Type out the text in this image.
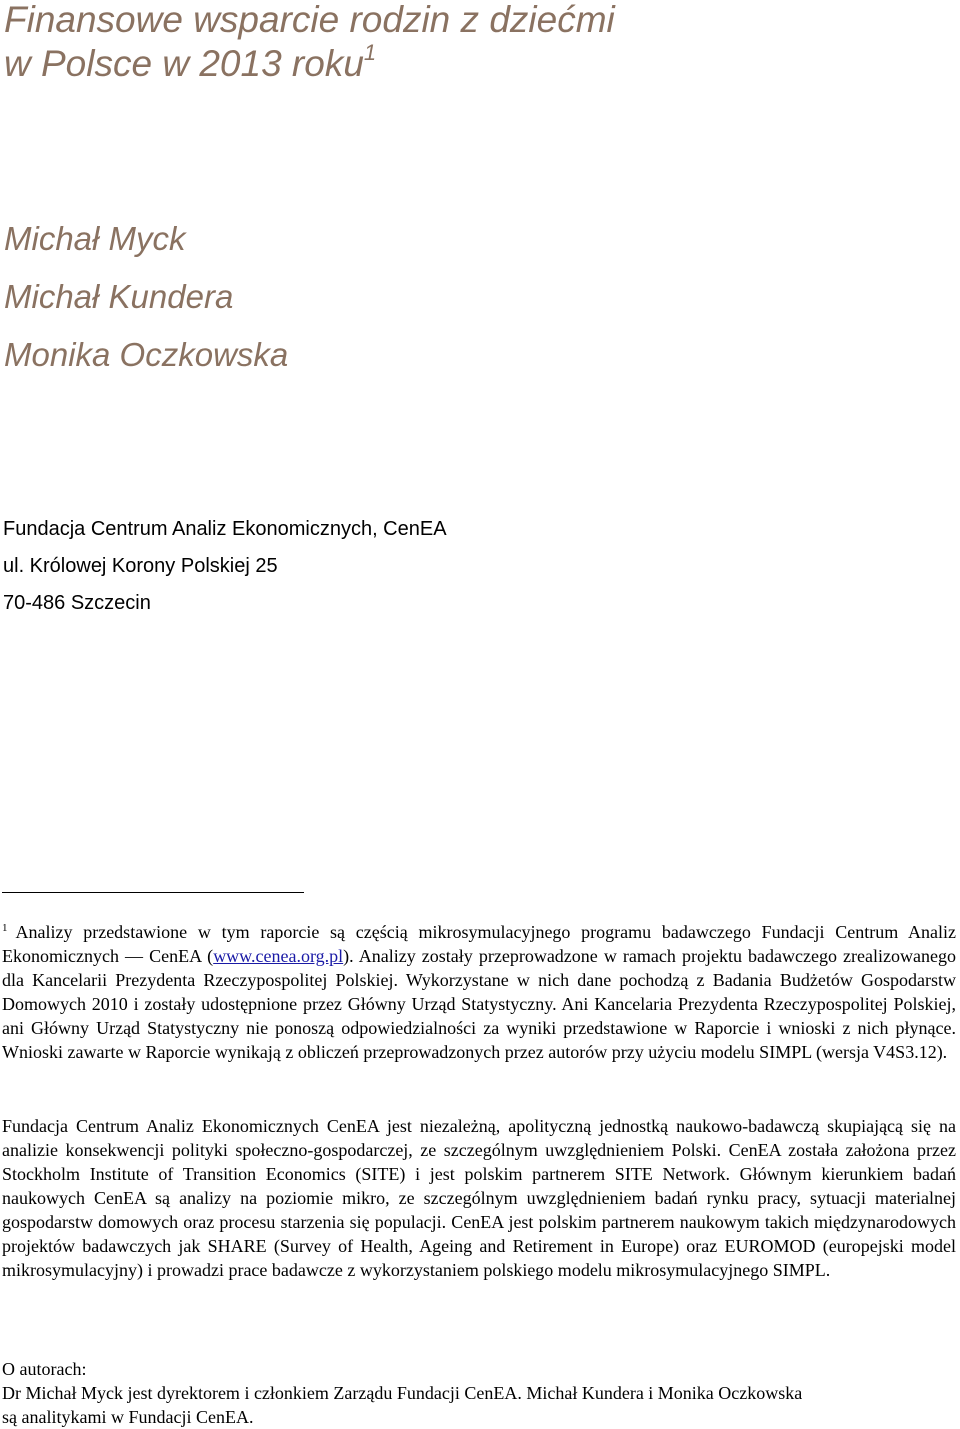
Finansowe wsparcie rodzin z dziećmi
w Polsce w 2013 roku$^1$
Michał Myck
Michał Kundera
Monika Oczkowska
Fundacja Centrum Analiz Ekonomicznych, CenEA
ul. Królowej Korony Polskiej 25
70-486 Szczecin

$^1$ Analizy przedstawione w tym raporcie są częścią mikrosymulacyjnego programu badawczego Fundacji Centrum Analiz Ekonomicznych — CenEA (www.cenea.org.pl). Analizy zostały przeprowadzone w ramach projektu badawczego zrealizowanego dla Kancelarii Prezydenta Rzeczypospolitej Polskiej. Wykorzystane w nich dane pochodzą z Badania Budżetów Gospodarstw Domowych 2010 i zostały udostępnione przez Główny Urząd Statystyczny. Ani Kancelaria Prezydenta Rzeczypospolitej Polskiej, ani Główny Urząd Statystyczny nie ponoszą odpowiedzialności za wyniki przedstawione w Raporcie i wnioski z nich płynące. Wnioski zawarte w Raporcie wynikają z obliczeń przeprowadzonych przez autorów przy użyciu modelu SIMPL (wersja V4S3.12).

Fundacja Centrum Analiz Ekonomicznych CenEA jest niezależną, apolityczną jednostką naukowo-badawczą skupiającą się na analizie konsekwencji polityki społeczno-gospodarczej, ze szczególnym uwzględnieniem Polski. CenEA została założona przez Stockholm Institute of Transition Economics (SITE) i jest polskim partnerem SITE Network. Głównym kierunkiem badań naukowych CenEA są analizy na poziomie mikro, ze szczególnym uwzględnieniem badań rynku pracy, sytuacji materialnej gospodarstw domowych oraz procesu starzenia się populacji. CenEA jest polskim partnerem naukowym takich międzynarodowych projektów badawczych jak SHARE (Survey of Health, Ageing and Retirement in Europe) oraz EUROMOD (europejski model mikrosymulacyjny) i prowadzi prace badawcze z wykorzystaniem polskiego modelu mikrosymulacyjnego SIMPL.

O autorach:
Dr Michał Myck jest dyrektorem i członkiem Zarządu Fundacji CenEA. Michał Kundera i Monika Oczkowska
są analitykami w Fundacji CenEA.
